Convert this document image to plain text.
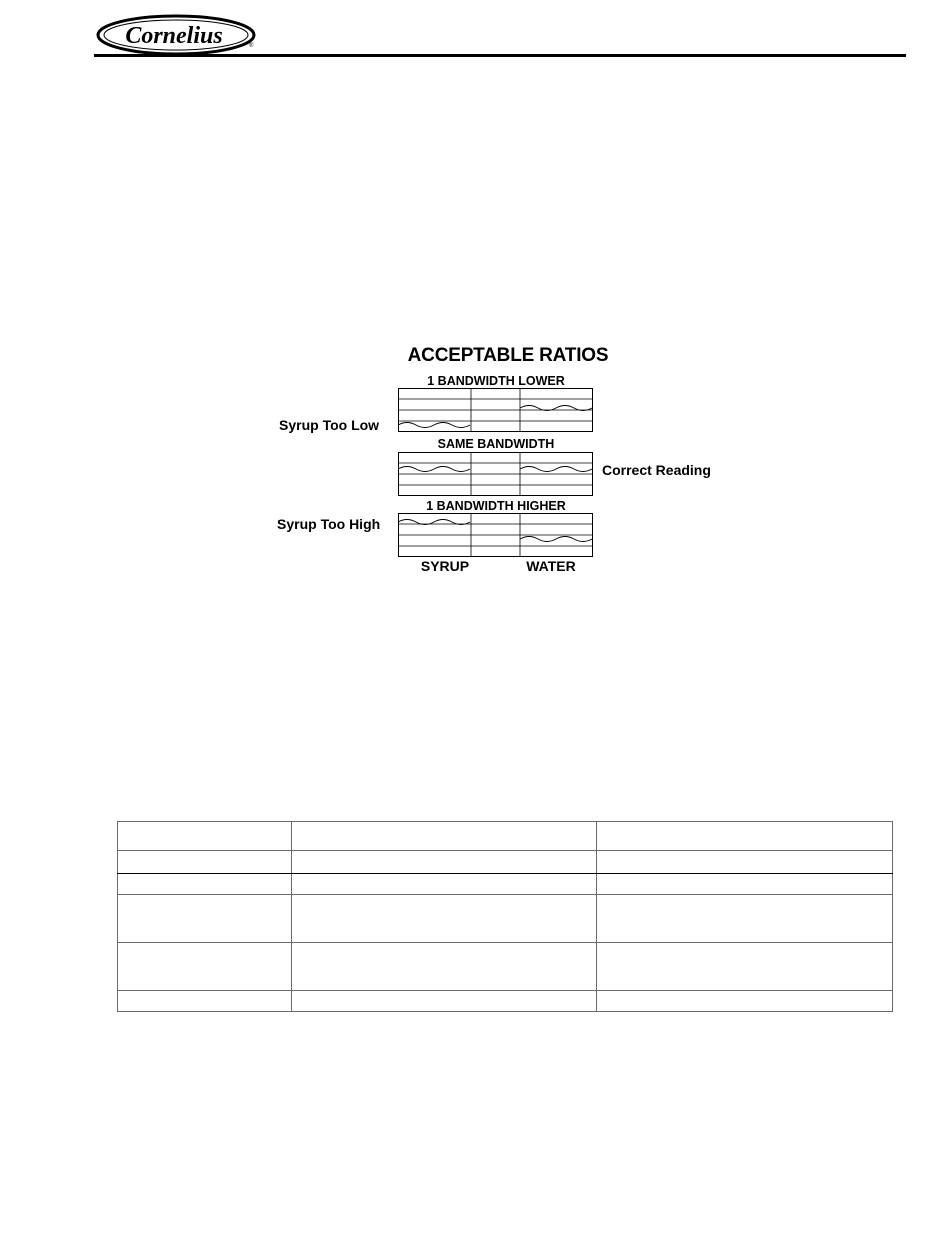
Cornelius	®
ACCEPTABLE RATIOS
1 BANDWIDTH LOWER
Syrup Too Low
SAME BANDWIDTH
Correct Reading
1 BANDWIDTH HIGHER
Syrup Too High
SYRUP	WATER
